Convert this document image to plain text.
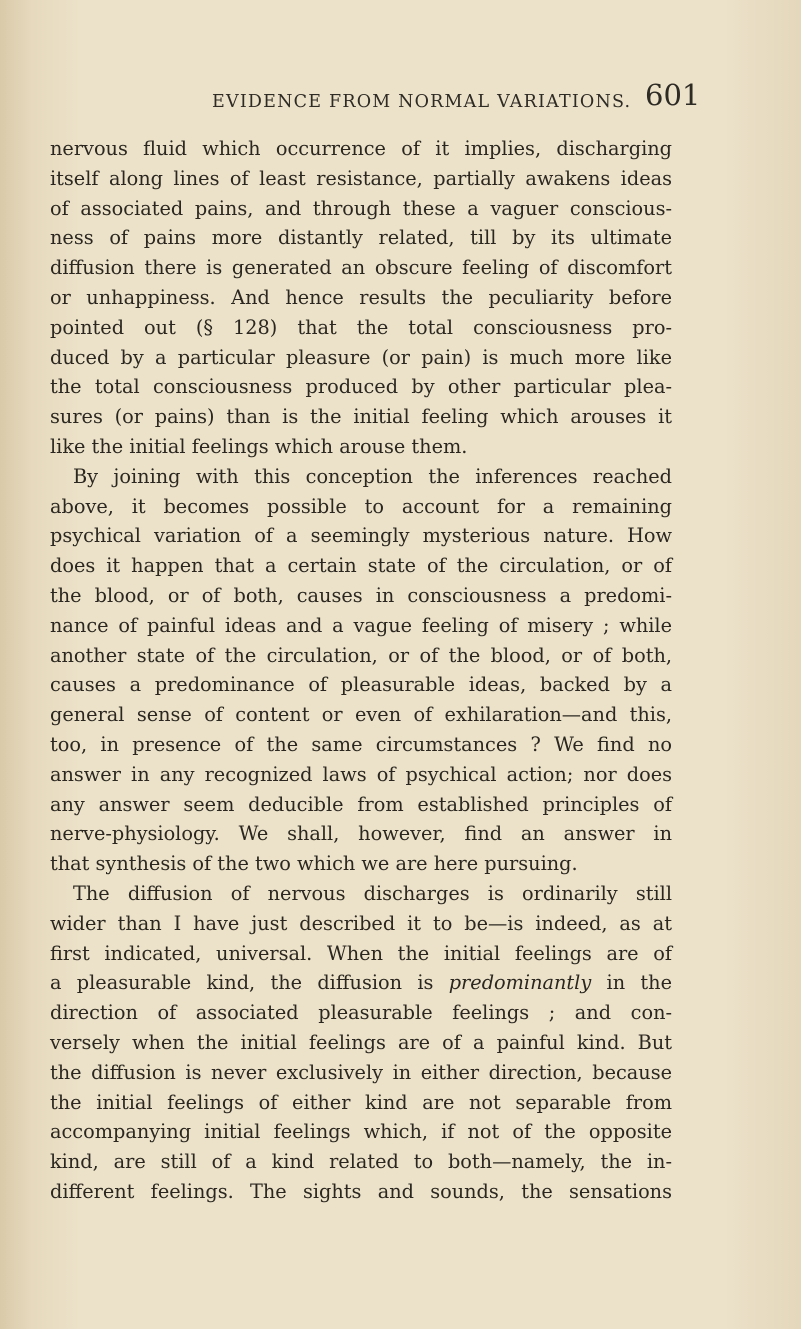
EVIDENCE FROM NORMAL VARIATIONS. 601
nervous fluid which occurrence of it implies, discharging
itself along lines of least resistance, partially awakens ideas
of associated pains, and through these a vaguer conscious-
ness of pains more distantly related, till by its ultimate
diffusion there is generated an obscure feeling of discomfort
or unhappiness. And hence results the peculiarity before
pointed out (§ 128) that the total consciousness pro-
duced by a particular pleasure (or pain) is much more like
the total consciousness produced by other particular plea-
sures (or pains) than is the initial feeling which arouses it
like the initial feelings which arouse them.
By joining with this conception the inferences reached
above, it becomes possible to account for a remaining
psychical variation of a seemingly mysterious nature. How
does it happen that a certain state of the circulation, or of
the blood, or of both, causes in consciousness a predomi-
nance of painful ideas and a vague feeling of misery ; while
another state of the circulation, or of the blood, or of both,
causes a predominance of pleasurable ideas, backed by a
general sense of content or even of exhilaration—and this,
too, in presence of the same circumstances ? We find no
answer in any recognized laws of psychical action; nor does
any answer seem deducible from established principles of
nerve-physiology. We shall, however, find an answer in
that synthesis of the two which we are here pursuing.
The diffusion of nervous discharges is ordinarily still
wider than I have just described it to be—is indeed, as at
first indicated, universal. When the initial feelings are of
a pleasurable kind, the diffusion is predominantly in the
direction of associated pleasurable feelings ; and con-
versely when the initial feelings are of a painful kind. But
the diffusion is never exclusively in either direction, because
the initial feelings of either kind are not separable from
accompanying initial feelings which, if not of the opposite
kind, are still of a kind related to both—namely, the in-
different feelings. The sights and sounds, the sensations
